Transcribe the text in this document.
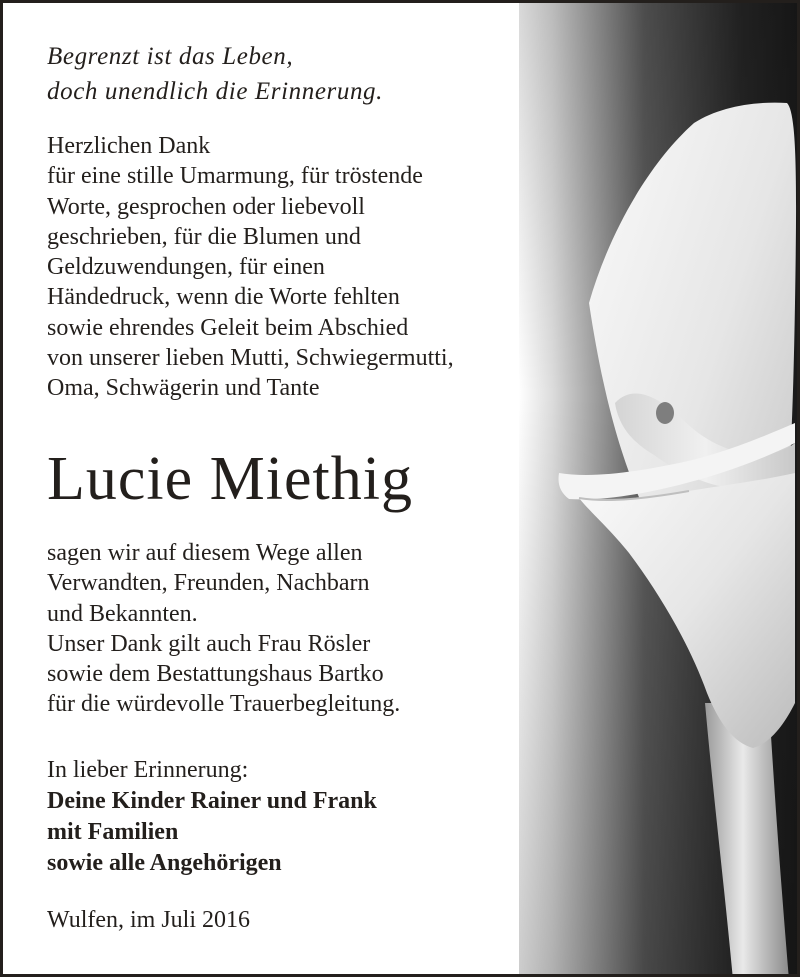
Begrenzt ist das Leben,
doch unendlich die Erinnerung.
Herzlichen Dank
für eine stille Umarmung, für tröstende
Worte, gesprochen oder liebevoll
geschrieben, für die Blumen und
Geldzuwendungen, für einen
Händedruck, wenn die Worte fehlten
sowie ehrendes Geleit beim Abschied
von unserer lieben Mutti, Schwiegermutti,
Oma, Schwägerin und Tante
Lucie Miethig
sagen wir auf diesem Wege allen
Verwandten, Freunden, Nachbarn
und Bekannten.
Unser Dank gilt auch Frau Rösler
sowie dem Bestattungshaus Bartko
für die würdevolle Trauerbegleitung.
In lieber Erinnerung:
Deine Kinder Rainer und Frank
mit Familien
sowie alle Angehörigen
Wulfen, im Juli 2016
